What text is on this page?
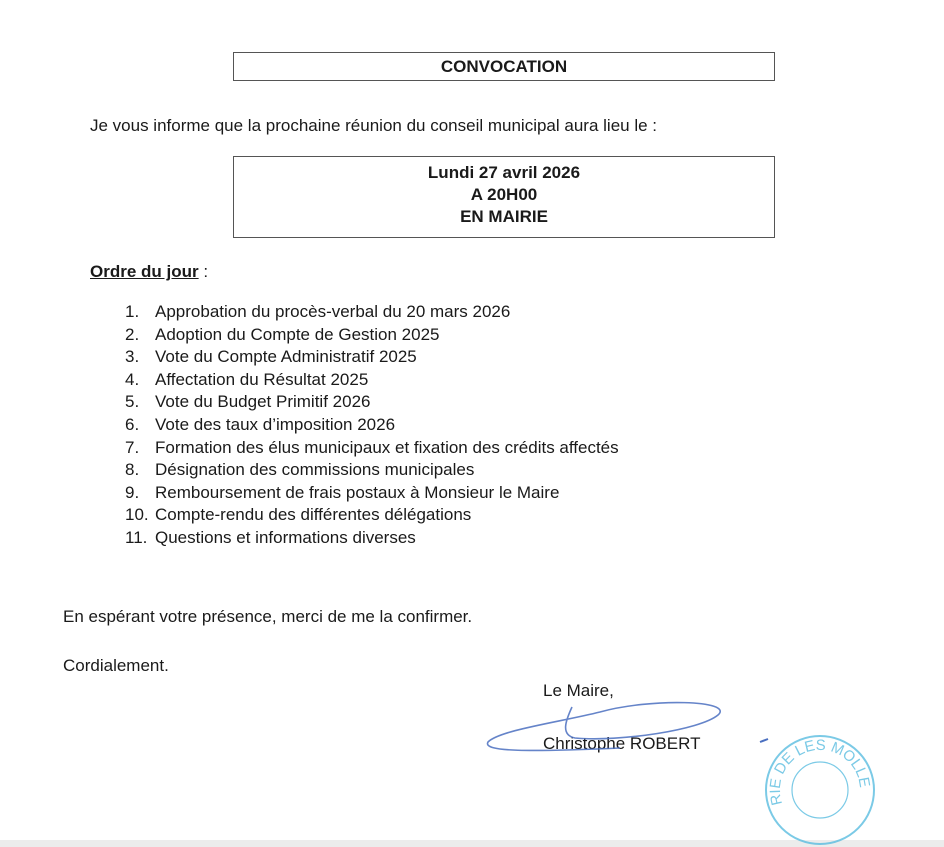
CONVOCATION
Je vous informe que la prochaine réunion du conseil municipal aura lieu le :
Lundi 27 avril 2026
A 20H00
EN MAIRIE
Ordre du jour :
1. Approbation du procès-verbal du 20 mars 2026
2. Adoption du Compte de Gestion 2025
3. Vote du Compte Administratif 2025
4. Affectation du Résultat 2025
5. Vote du Budget Primitif 2026
6. Vote des taux d’imposition 2026
7. Formation des élus municipaux et fixation des crédits affectés
8. Désignation des commissions municipales
9. Remboursement de frais postaux à Monsieur le Maire
10. Compte-rendu des différentes délégations
11. Questions et informations diverses
En espérant votre présence, merci de me la confirmer.
Cordialement.
Le Maire,
Christophe ROBERT
RIE DE LES MOLLE
